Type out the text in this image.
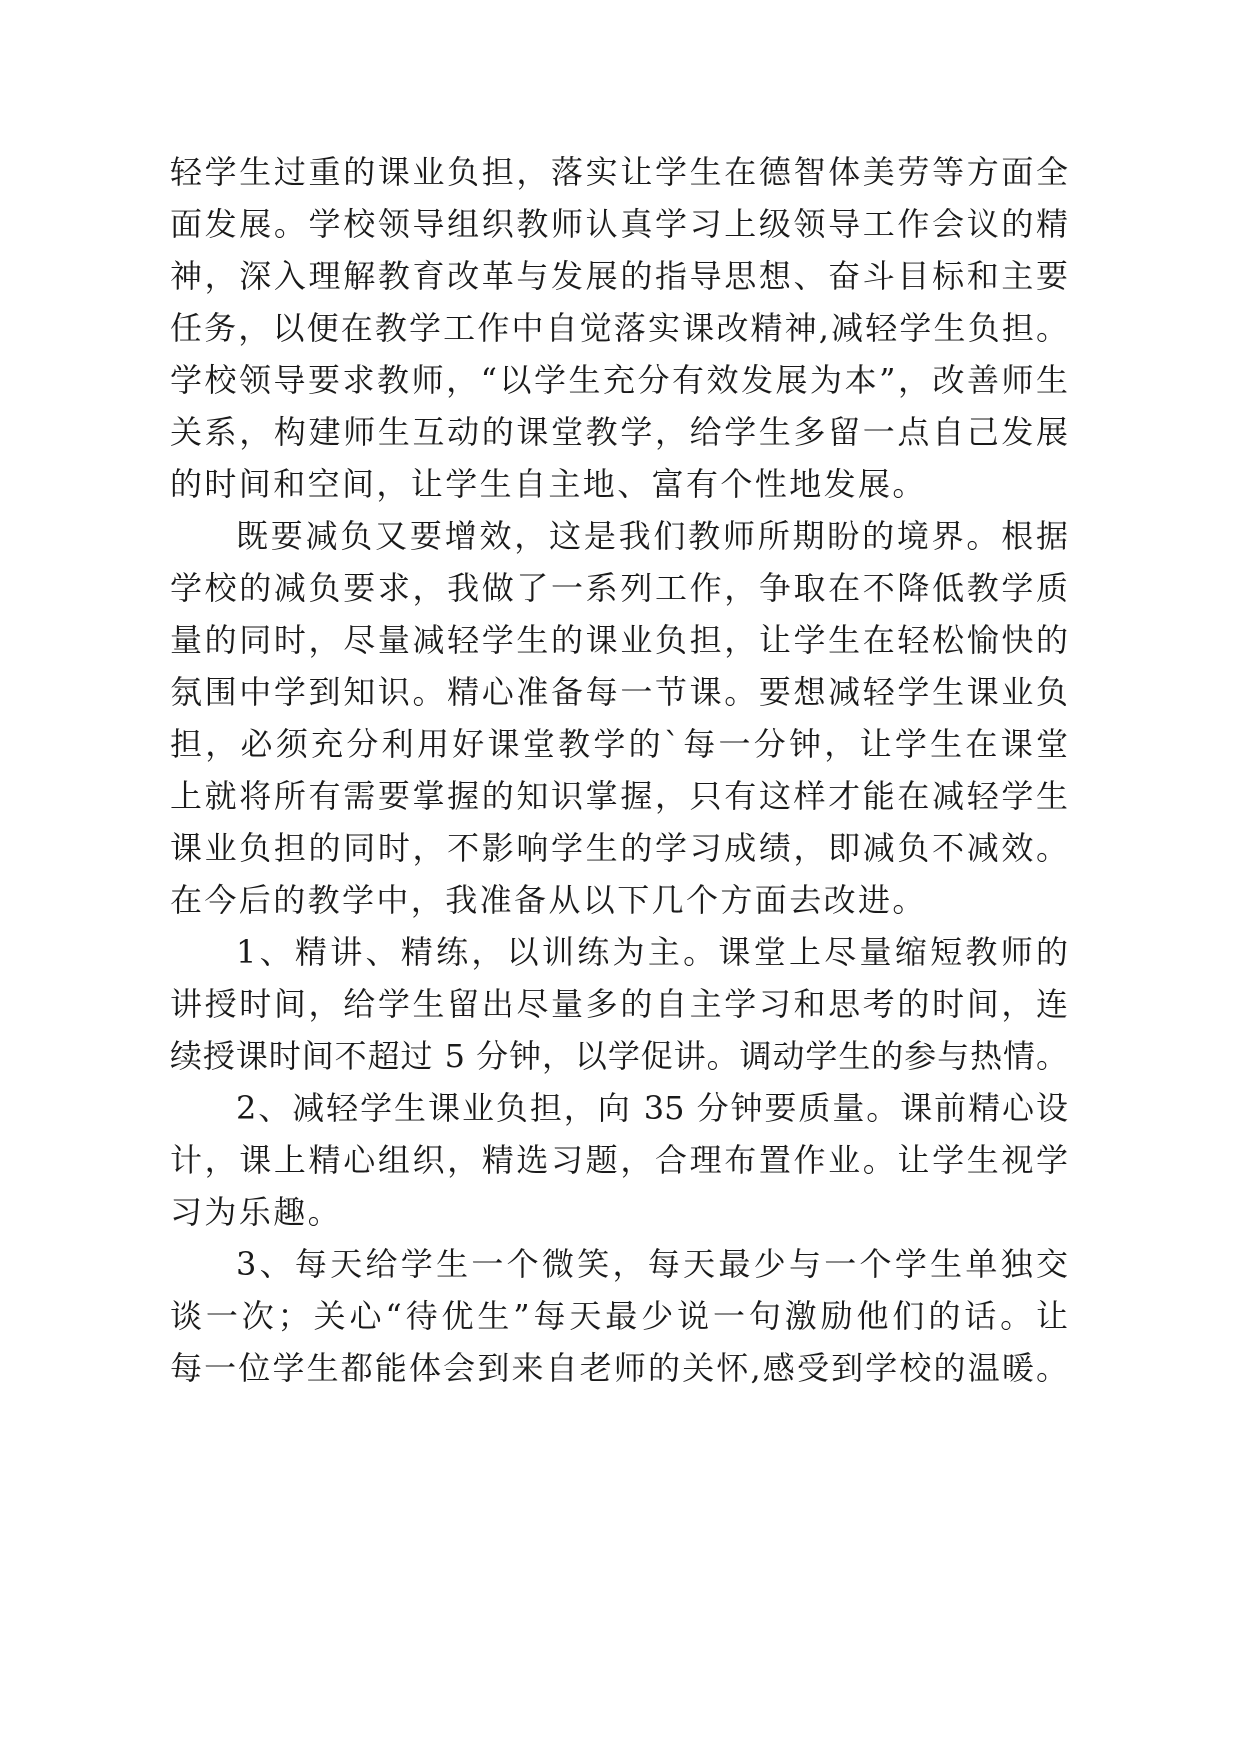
轻学生过重的课业负担，落实让学生在德智体美劳等方面全
面发展。学校领导组织教师认真学习上级领导工作会议的精
神，深入理解教育改革与发展的指导思想、奋斗目标和主要
任务，以便在教学工作中自觉落实课改精神,减轻学生负担。
学校领导要求教师，“以学生充分有效发展为本”，改善师生
关系，构建师生互动的课堂教学，给学生多留一点自己发展
的时间和空间，让学生自主地、富有个性地发展。
既要减负又要增效，这是我们教师所期盼的境界。根据
学校的减负要求，我做了一系列工作，争取在不降低教学质
量的同时，尽量减轻学生的课业负担，让学生在轻松愉快的
氛围中学到知识。精心准备每一节课。要想减轻学生课业负
担，必须充分利用好课堂教学的`每一分钟，让学生在课堂
上就将所有需要掌握的知识掌握，只有这样才能在减轻学生
课业负担的同时，不影响学生的学习成绩，即减负不减效。
在今后的教学中，我准备从以下几个方面去改进。
1、精讲、精练，以训练为主。课堂上尽量缩短教师的
讲授时间，给学生留出尽量多的自主学习和思考的时间，连
续授课时间不超过 5 分钟，以学促讲。调动学生的参与热情。
2、减轻学生课业负担，向 35 分钟要质量。课前精心设
计，课上精心组织，精选习题，合理布置作业。让学生视学
习为乐趣。
3、每天给学生一个微笑，每天最少与一个学生单独交
谈一次；关心“待优生”每天最少说一句激励他们的话。让
每一位学生都能体会到来自老师的关怀,感受到学校的温暖。
